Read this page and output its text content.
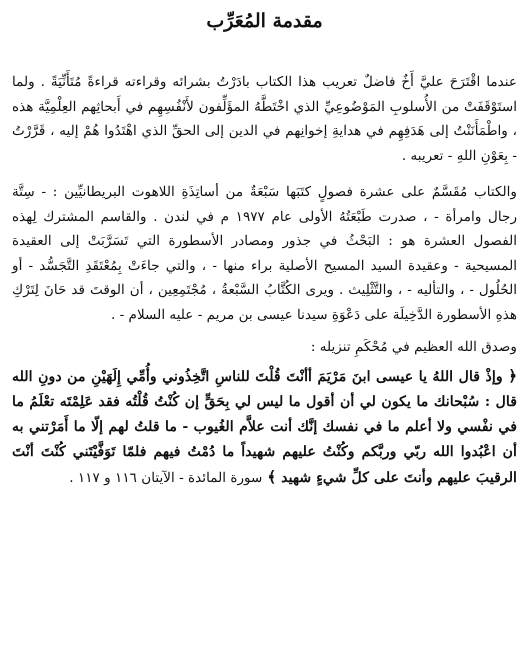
مقدمة المُعَرِّب

عندما اقْتَرَحَ عليَّ أَخٌ فاضلٌ تعريب هذا الكتاب بادَرْتُ بشرائه وقراءته قراءةً مُتَأَنِّيَةً . ولما استَوْقَفَتْ من الأُسلوبِ المَوْضُوعِيِّ الذي اخْتَطَّهُ المؤَلِّفون لأَنْفُسِهِم في أَبحاثِهم العِلْمِيَّة هذه ، واطْمَأَنَنْتُ إلى هَدَفِهِم في هدايةِ إخوانِهم في الدين إلى الحقِّ الذي اهْتَدُوا هُمْ إليه ، قَرَّرْتُ - بِعَوْنِ اللهِ - تعريبه .

والكتاب مُقَسَّمٌ على عشرة فصولٍ كتَبَها سَبْعَةٌ من أساتِذَةِ اللاهوت البريطانيِّين : - سِتَّة رجال وامرأة - ، صدرت طَبْعَتُهُ الأولى عام ١٩٧٧ م في لندن . والقاسم المشترك لِهذه الفصول العشرة هو : البَحْثُ في جذور ومصادر الأسطورة التي تَسَرَّبَتْ إلى العقيدة المسيحية - وعقيدة السيد المسيح الأصلية براء منها - ، والتي جاءَتْ بِمُعْتَقَدِ التَّجَسُّد - أو الحُلُول - ، والتأليه - ، والتَّثْلِيث . ويرى الكُتَّابُ السَّبْعةُ ، مُجْتَمِعِين ، أن الوقتَ قد حَانَ لِتَرْكِ هذهِ الأسطورة الدَّخِيلَة على دَعْوَةِ سيدنا عيسى بن مريم - عليه السلام - .

وصدق الله العظيم في مُحْكَمِ تنزيله :

﴿ وإذْ قال اللهُ يا عيسى ابنَ مَرْيَمَ أأنْتَ قُلْتَ للناسِ اتَّخِذُوني وأُمِّي إِلَهَيْنِ من دونِ الله قال : سُبْحانك ما يكون لي أن أقول ما ليس لي بِحَقٍّ إن كُنْتُ قُلْتُه فقد عَلِمْتَه تعْلَمُ ما في نفْسي ولا أعلم ما في نفسك إنَّك أنت علاَّم الغُيوب - ما قلتُ لهم إلّا ما أَمَرْتني به أن اعْبُدوا الله ربّي وربَّكم وكُنْتُ عليهم شهيداً ما دُمْتُ فيهم فلمّا تَوَفَّيْتَني كُنْتَ أنْتَ الرقيبَ عليهم وأنتَ على كلِّ شيءٍ شهيد ﴾ سورة المائدة - الآيتان ١١٦ و ١١٧ .
